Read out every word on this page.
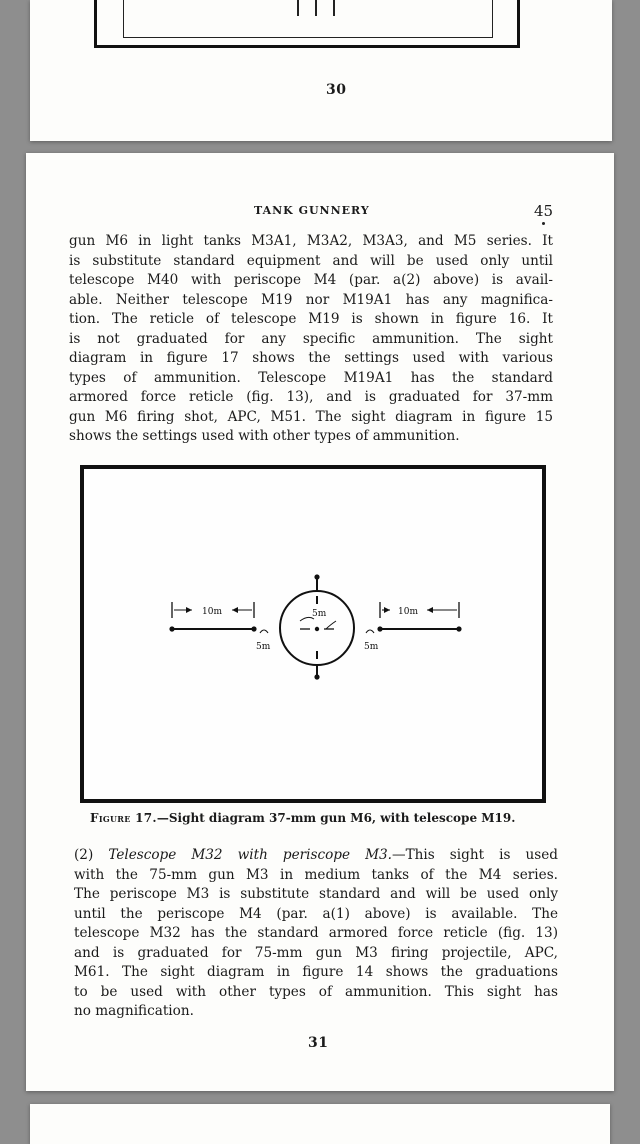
30
TANK GUNNERY	45
gun M6 in light tanks M3A1, M3A2, M3A3, and M5 series. It
is substitute standard equipment and will be used only until
telescope M40 with periscope M4 (par. a(2) above) is avail-
able. Neither telescope M19 nor M19A1 has any magnifica-
tion. The reticle of telescope M19 is shown in figure 16. It
is not graduated for any specific ammunition. The sight
diagram in figure 17 shows the settings used with various
types of ammunition. Telescope M19A1 has the standard
armored force reticle (fig. 13), and is graduated for 37-mm
gun M6 firing shot, APC, M51. The sight diagram in figure 15
shows the settings used with other types of ammunition.
10m	10m
5m
5m	5m
Figure 17.—Sight diagram 37-mm gun M6, with telescope M19.
(2) Telescope M32 with periscope M3.—This sight is used
with the 75-mm gun M3 in medium tanks of the M4 series.
The periscope M3 is substitute standard and will be used only
until the periscope M4 (par. a(1) above) is available. The
telescope M32 has the standard armored force reticle (fig. 13)
and is graduated for 75-mm gun M3 firing projectile, APC,
M61. The sight diagram in figure 14 shows the graduations
to be used with other types of ammunition. This sight has
no magnification.
31
